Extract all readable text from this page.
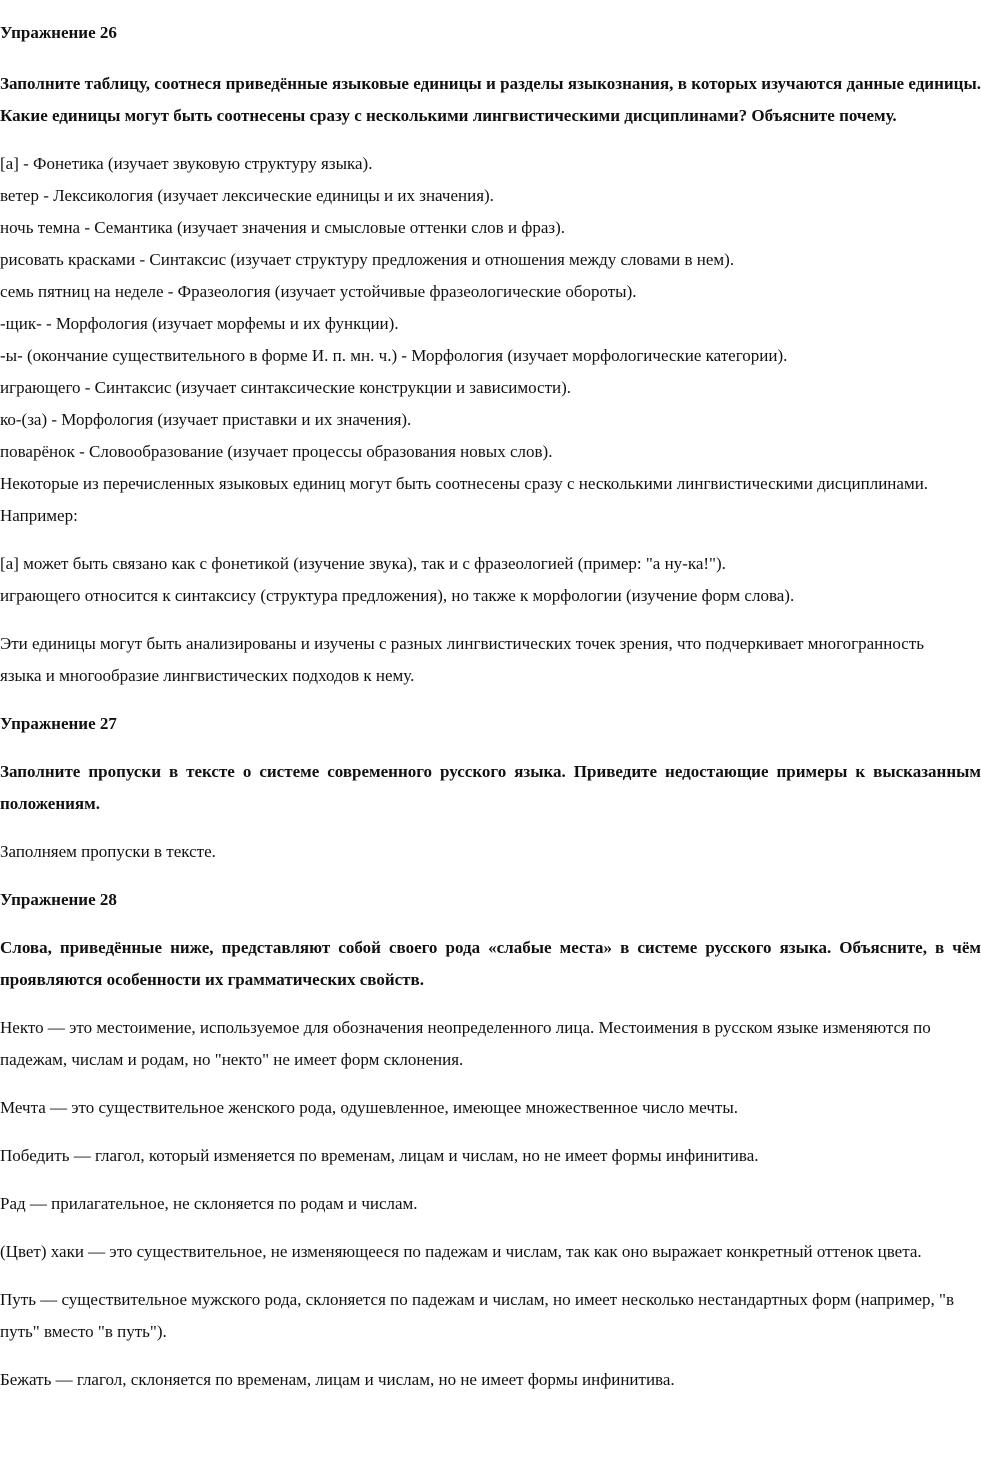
Упражнение 26

Заполните таблицу, соотнеся приведённые языковые единицы и разделы языкознания, в которых изучаются данные единицы. Какие единицы могут быть соотнесены сразу с несколькими лингвистическими дисциплинами? Объясните почему.

[а] - Фонетика (изучает звуковую структуру языка).

ветер - Лексикология (изучает лексические единицы и их значения).

ночь темна - Семантика (изучает значения и смысловые оттенки слов и фраз).

рисовать красками - Синтаксис (изучает структуру предложения и отношения между словами в нем).

семь пятниц на неделе - Фразеология (изучает устойчивые фразеологические обороты).

-щик- - Морфология (изучает морфемы и их функции).

-ы- (окончание существительного в форме И. п. мн. ч.) - Морфология (изучает морфологические категории).

играющего - Синтаксис (изучает синтаксические конструкции и зависимости).

ко-(за) - Морфология (изучает приставки и их значения).

поварёнок - Словообразование (изучает процессы образования новых слов).

Некоторые из перечисленных языковых единиц могут быть соотнесены сразу с несколькими лингвистическими дисциплинами. Например:

[а] может быть связано как с фонетикой (изучение звука), так и с фразеологией (пример: "а ну-ка!").

играющего относится к синтаксису (структура предложения), но также к морфологии (изучение форм слова).

Эти единицы могут быть анализированы и изучены с разных лингвистических точек зрения, что подчеркивает многогранность языка и многообразие лингвистических подходов к нему.

Упражнение 27

Заполните пропуски в тексте о системе современного русского языка. Приведите недостающие примеры к высказанным положениям.

Заполняем пропуски в тексте.

Упражнение 28

Слова, приведённые ниже, представляют собой своего рода «слабые места» в системе русского языка. Объясните, в чём проявляются особенности их грамматических свойств.

Некто — это местоимение, используемое для обозначения неопределенного лица. Местоимения в русском языке изменяются по падежам, числам и родам, но "некто" не имеет форм склонения.

Мечта — это существительное женского рода, одушевленное, имеющее множественное число мечты.

Победить — глагол, который изменяется по временам, лицам и числам, но не имеет формы инфинитива.

Рад — прилагательное, не склоняется по родам и числам.

(Цвет) хаки — это существительное, не изменяющееся по падежам и числам, так как оно выражает конкретный оттенок цвета.

Путь — существительное мужского рода, склоняется по падежам и числам, но имеет несколько нестандартных форм (например, "в путь" вместо "в путь").

Бежать — глагол, склоняется по временам, лицам и числам, но не имеет формы инфинитива.
